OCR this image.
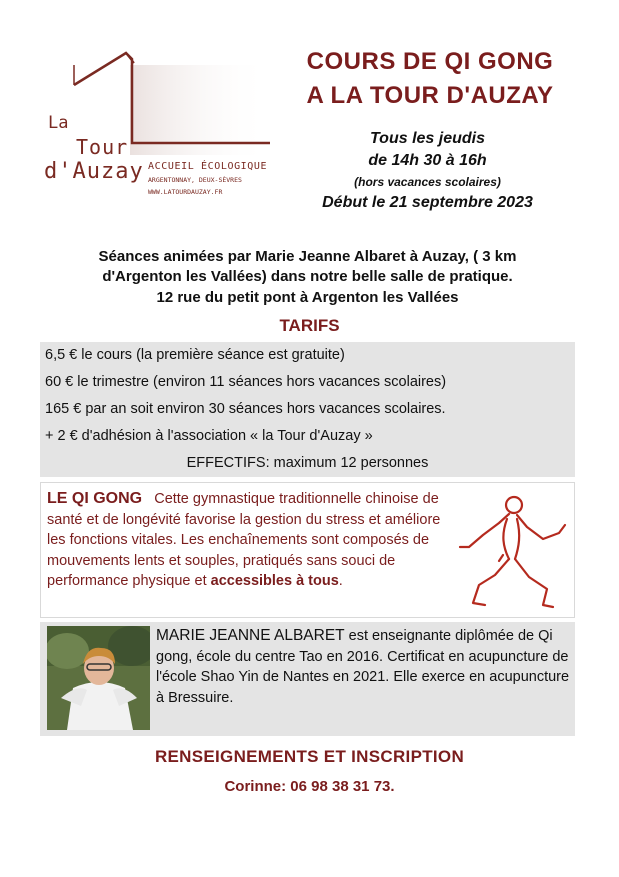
La
Tour
d'Auzay ACCUEIL ÉCOLOGIQUE
ARGENTONNAY, DEUX-SÈVRES
WWW.LATOURDAUZAY.FR
COURS DE QI GONG
A LA TOUR D'AUZAY
Tous les jeudis
de 14h 30 à 16h
(hors vacances scolaires)
Début le 21 septembre 2023
Séances animées par Marie Jeanne Albaret à Auzay, ( 3 km
d'Argenton les Vallées) dans notre belle salle de pratique.
12 rue du petit pont à Argenton les Vallées
TARIFS
6,5 € le cours (la première séance est gratuite)
60 € le trimestre (environ 11 séances hors vacances scolaires)
165 € par an soit environ 30 séances hors vacances scolaires.
+ 2 € d'adhésion à l'association « la Tour d'Auzay »
EFFECTIFS: maximum 12 personnes
LE QI GONG Cette gymnastique traditionnelle chinoise de santé et de longévité favorise la gestion du stress et améliore les fonctions vitales. Les enchaînements sont composés de mouvements lents et souples, pratiqués sans souci de performance physique et accessibles à tous.
MARIE JEANNE ALBARET est enseignante diplômée de Qi gong, école du centre Tao en 2016. Certificat en acupuncture de l'école Shao Yin de Nantes en 2021. Elle exerce en acupuncture à Bressuire.
RENSEIGNEMENTS ET INSCRIPTION
Corinne: 06 98 38 31 73.
